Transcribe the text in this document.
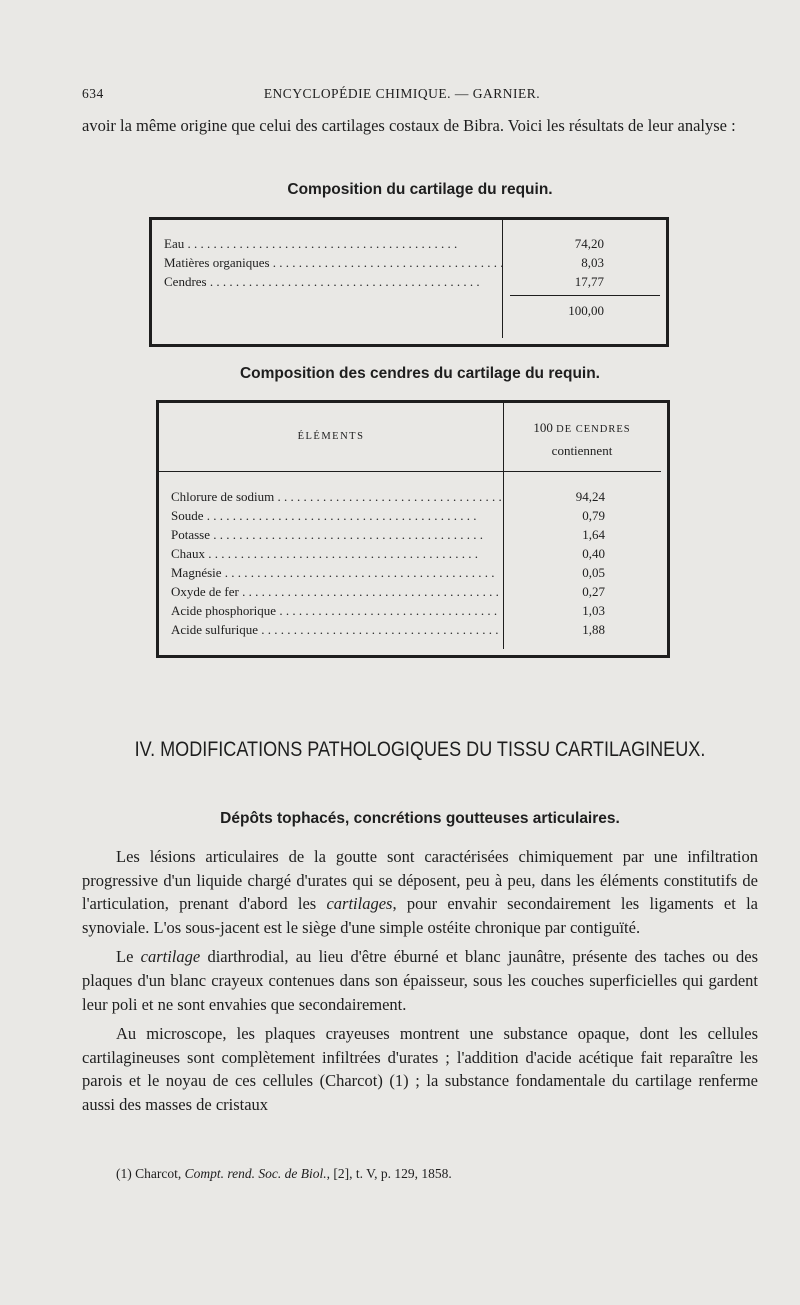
634	ENCYCLOPÉDIE CHIMIQUE. — GARNIER.
avoir la même origine que celui des cartilages costaux de Bibra. Voici les résultats de leur analyse :
Composition du cartilage du requin.
Eau . . .
Matières organiques . . .
Cendres . . .
74,20
8,03
17,77
100,00
Composition des cendres du cartilage du requin.
ÉLÉMENTS
100 DE CENDRES
contiennent
Chlorure de sodium . . .
Soude . . .
Potasse . . .
Chaux . . .
Magnésie . . .
Oxyde de fer . . .
Acide phosphorique . . .
Acide sulfurique . . .
94,24
0,79
1,64
0,40
0,05
0,27
1,03
1,88
IV. MODIFICATIONS PATHOLOGIQUES DU TISSU CARTILAGINEUX.
Dépôts tophacés, concrétions goutteuses articulaires.

Les lésions articulaires de la goutte sont caractérisées chimiquement par une infiltration progressive d'un liquide chargé d'urates qui se déposent, peu à peu, dans les éléments constitutifs de l'articulation, prenant d'abord les cartilages, pour envahir secondairement les ligaments et la synoviale. L'os sous-jacent est le siège d'une simple ostéite chronique par contiguïté.

Le cartilage diarthrodial, au lieu d'être éburné et blanc jaunâtre, présente des taches ou des plaques d'un blanc crayeux contenues dans son épaisseur, sous les couches superficielles qui gardent leur poli et ne sont envahies que secondairement.

Au microscope, les plaques crayeuses montrent une substance opaque, dont les cellules cartilagineuses sont complètement infiltrées d'urates ; l'addition d'acide acétique fait reparaître les parois et le noyau de ces cellules (Charcot) (1) ; la substance fondamentale du cartilage renferme aussi des masses de cristaux

(1) Charcot, Compt. rend. Soc. de Biol., [2], t. V, p. 129, 1858.
